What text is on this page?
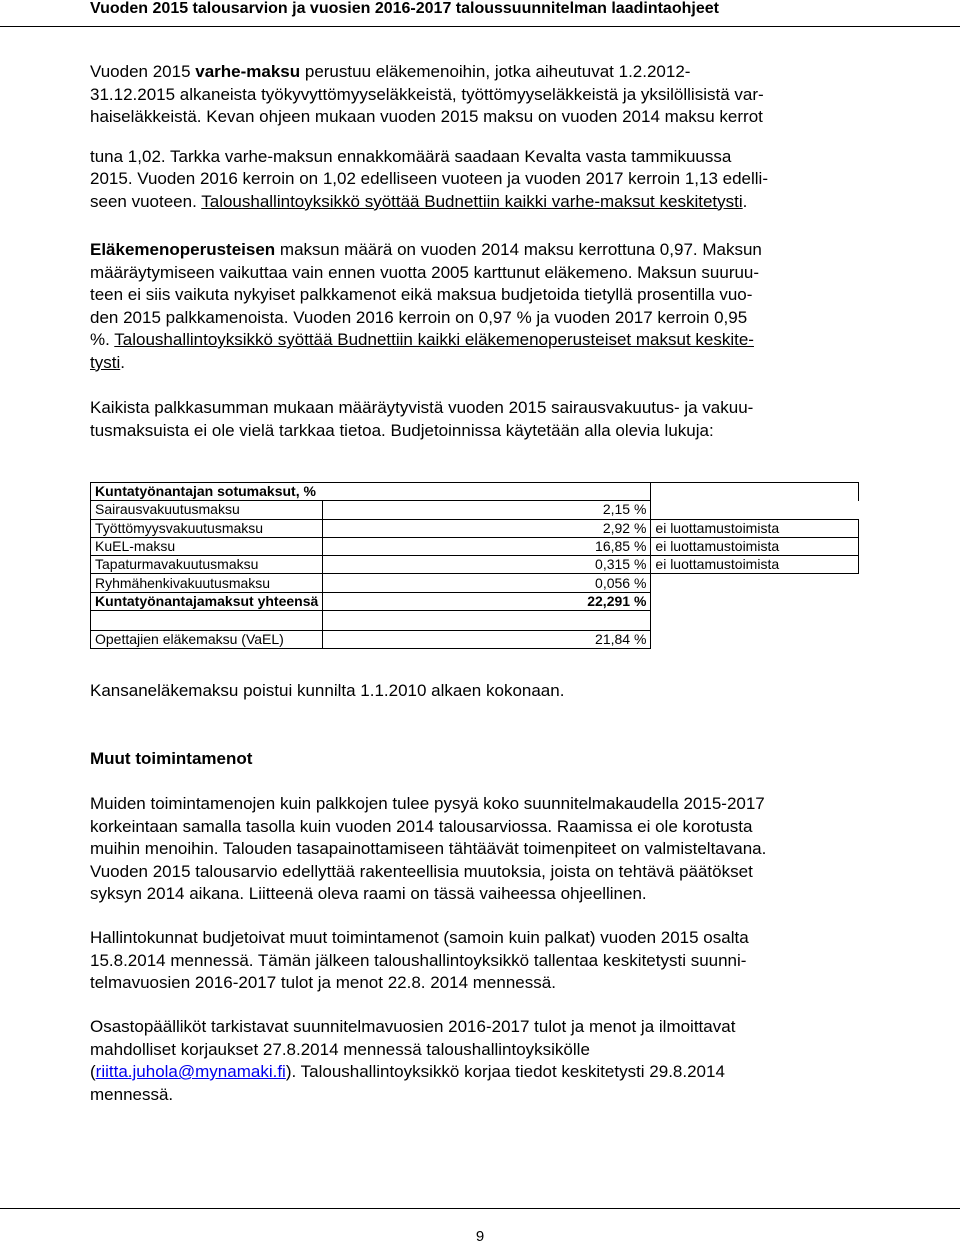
Vuoden 2015 talousarvion ja vuosien 2016-2017 taloussuunnitelman laadintaohjeet

Vuoden 2015 varhe-maksu perustuu eläkemenoihin, jotka aiheutuvat 1.2.2012-
31.12.2015 alkaneista työkyvyttömyyseläkkeistä, työttömyyseläkkeistä ja yksilöllisistä var-
haiseläkkeistä. Kevan ohjeen mukaan vuoden 2015 maksu on vuoden 2014 maksu kerrot
tuna 1,02. Tarkka varhe-maksun ennakkomäärä saadaan Kevalta vasta tammikuussa
2015. Vuoden 2016 kerroin on 1,02 edelliseen vuoteen ja vuoden 2017 kerroin 1,13 edelli-
seen vuoteen. Taloushallintoyksikkö syöttää Budnettiin kaikki varhe-maksut keskitetysti.
Eläkemenoperusteisen maksun määrä on vuoden 2014 maksu kerrottuna 0,97. Maksun
määräytymiseen vaikuttaa vain ennen vuotta 2005 karttunut eläkemeno. Maksun suuruu-
teen ei siis vaikuta nykyiset palkkamenot eikä maksua budjetoida tietyllä prosentilla vuo-
den 2015 palkkamenoista. Vuoden 2016 kerroin on 0,97 % ja vuoden 2017 kerroin 0,95
%. Taloushallintoyksikkö syöttää Budnettiin kaikki eläkemenoperusteiset maksut keskite-
tysti.
Kaikista palkkasumman mukaan määräytyvistä vuoden 2015 sairausvakuutus- ja vakuu-
tusmaksuista ei ole vielä tarkkaa tietoa. Budjetoinnissa käytetään alla olevia lukuja:
Kuntatyönantajan sotumaksut, %		
Sairausvakuutusmaksu	2,15 %	
Työttömyysvakuutusmaksu	2,92 %	ei luottamustoimista
KuEL-maksu	16,85 %	ei luottamustoimista
Tapaturmavakuutusmaksu	0,315 %	ei luottamustoimista
Ryhmähenkivakuutusmaksu	0,056 %	
Kuntatyönantajamaksut yhteensä	22,291 %	

Opettajien eläkemaksu (VaEL)	21,84 %	
Kansaneläkemaksu poistui kunnilta 1.1.2010 alkaen kokonaan.
Muut toimintamenot
Muiden toimintamenojen kuin palkkojen tulee pysyä koko suunnitelmakaudella 2015-2017
korkeintaan samalla tasolla kuin vuoden 2014 talousarviossa. Raamissa ei ole korotusta
muihin menoihin. Talouden tasapainottamiseen tähtäävät toimenpiteet on valmisteltavana.
Vuoden 2015 talousarvio edellyttää rakenteellisia muutoksia, joista on tehtävä päätökset
syksyn 2014 aikana. Liitteenä oleva raami on tässä vaiheessa ohjeellinen.
Hallintokunnat budjetoivat muut toimintamenot (samoin kuin palkat) vuoden 2015 osalta
15.8.2014 mennessä. Tämän jälkeen taloushallintoyksikkö tallentaa keskitetysti suunni-
telmavuosien 2016-2017 tulot ja menot 22.8. 2014 mennessä.
Osastopäälliköt tarkistavat suunnitelmavuosien 2016-2017 tulot ja menot ja ilmoittavat
mahdolliset korjaukset 27.8.2014 mennessä taloushallintoyksikölle
(riitta.juhola@mynamaki.fi). Taloushallintoyksikkö korjaa tiedot keskitetysti 29.8.2014
mennessä.
9
